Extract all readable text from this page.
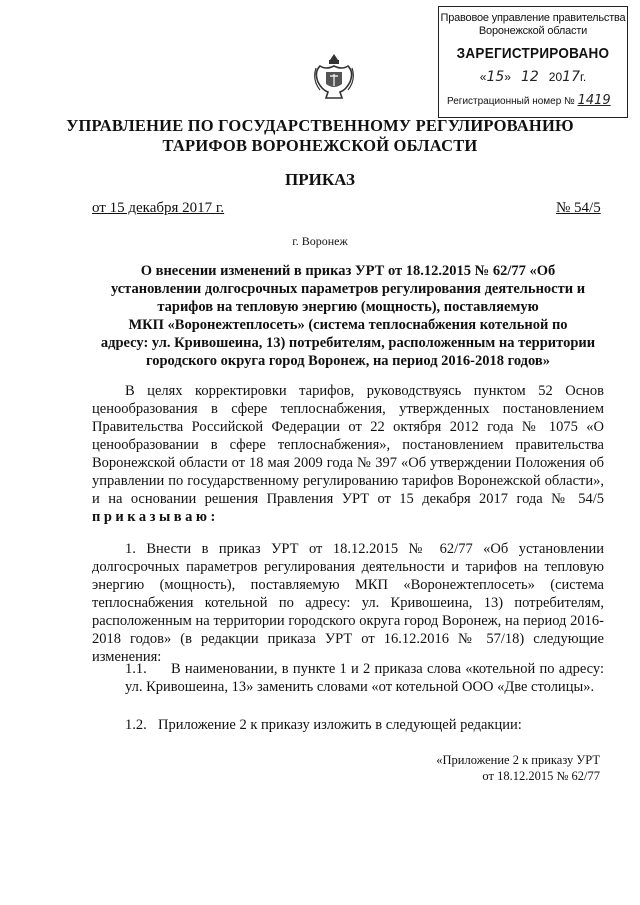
Правовое управление правительства
Воронежской области
ЗАРЕГИСТРИРОВАНО
«15»   12 2017г.
Регистрационный номер № 1419
УПРАВЛЕНИЕ ПО ГОСУДАРСТВЕННОМУ РЕГУЛИРОВАНИЮ
ТАРИФОВ ВОРОНЕЖСКОЙ ОБЛАСТИ
ПРИКАЗ
от 15 декабря 2017 г.	№ 54/5
г. Воронеж
О внесении изменений в приказ УРТ от 18.12.2015 № 62/77 «Об
установлении долгосрочных параметров регулирования деятельности и
тарифов на тепловую энергию (мощность), поставляемую
МКП «Воронежтеплосеть» (система теплоснабжения котельной по
адресу: ул. Кривошеина, 13) потребителям, расположенным на территории
городского округа город Воронеж, на период 2016-2018 годов»
В целях корректировки тарифов, руководствуясь пунктом 52 Основ ценообразования в сфере теплоснабжения, утвержденных постановлением Правительства Российской Федерации от 22 октября 2012 года № 1075 «О ценообразовании в сфере теплоснабжения», постановлением правительства Воронежской области от 18 мая 2009 года № 397 «Об утверждении Положения об управлении по государственному регулированию тарифов Воронежской области», и на основании решения Правления УРТ от 15 декабря 2017 года № 54/5 приказываю:
1. Внести в приказ УРТ от 18.12.2015 № 62/77 «Об установлении долгосрочных параметров регулирования деятельности и тарифов на тепловую энергию (мощность), поставляемую МКП «Воронежтеплосеть» (система теплоснабжения котельной по адресу: ул. Кривошеина, 13) потребителям, расположенным на территории городского округа город Воронеж, на период 2016-2018 годов» (в редакции приказа УРТ от 16.12.2016 № 57/18) следующие изменения:
1.1. В наименовании, в пункте 1 и 2 приказа слова «котельной по адресу: ул. Кривошеина, 13» заменить словами «от котельной ООО «Две столицы».
1.2. Приложение 2 к приказу изложить в следующей редакции:
«Приложение 2 к приказу УРТ
от 18.12.2015 № 62/77
